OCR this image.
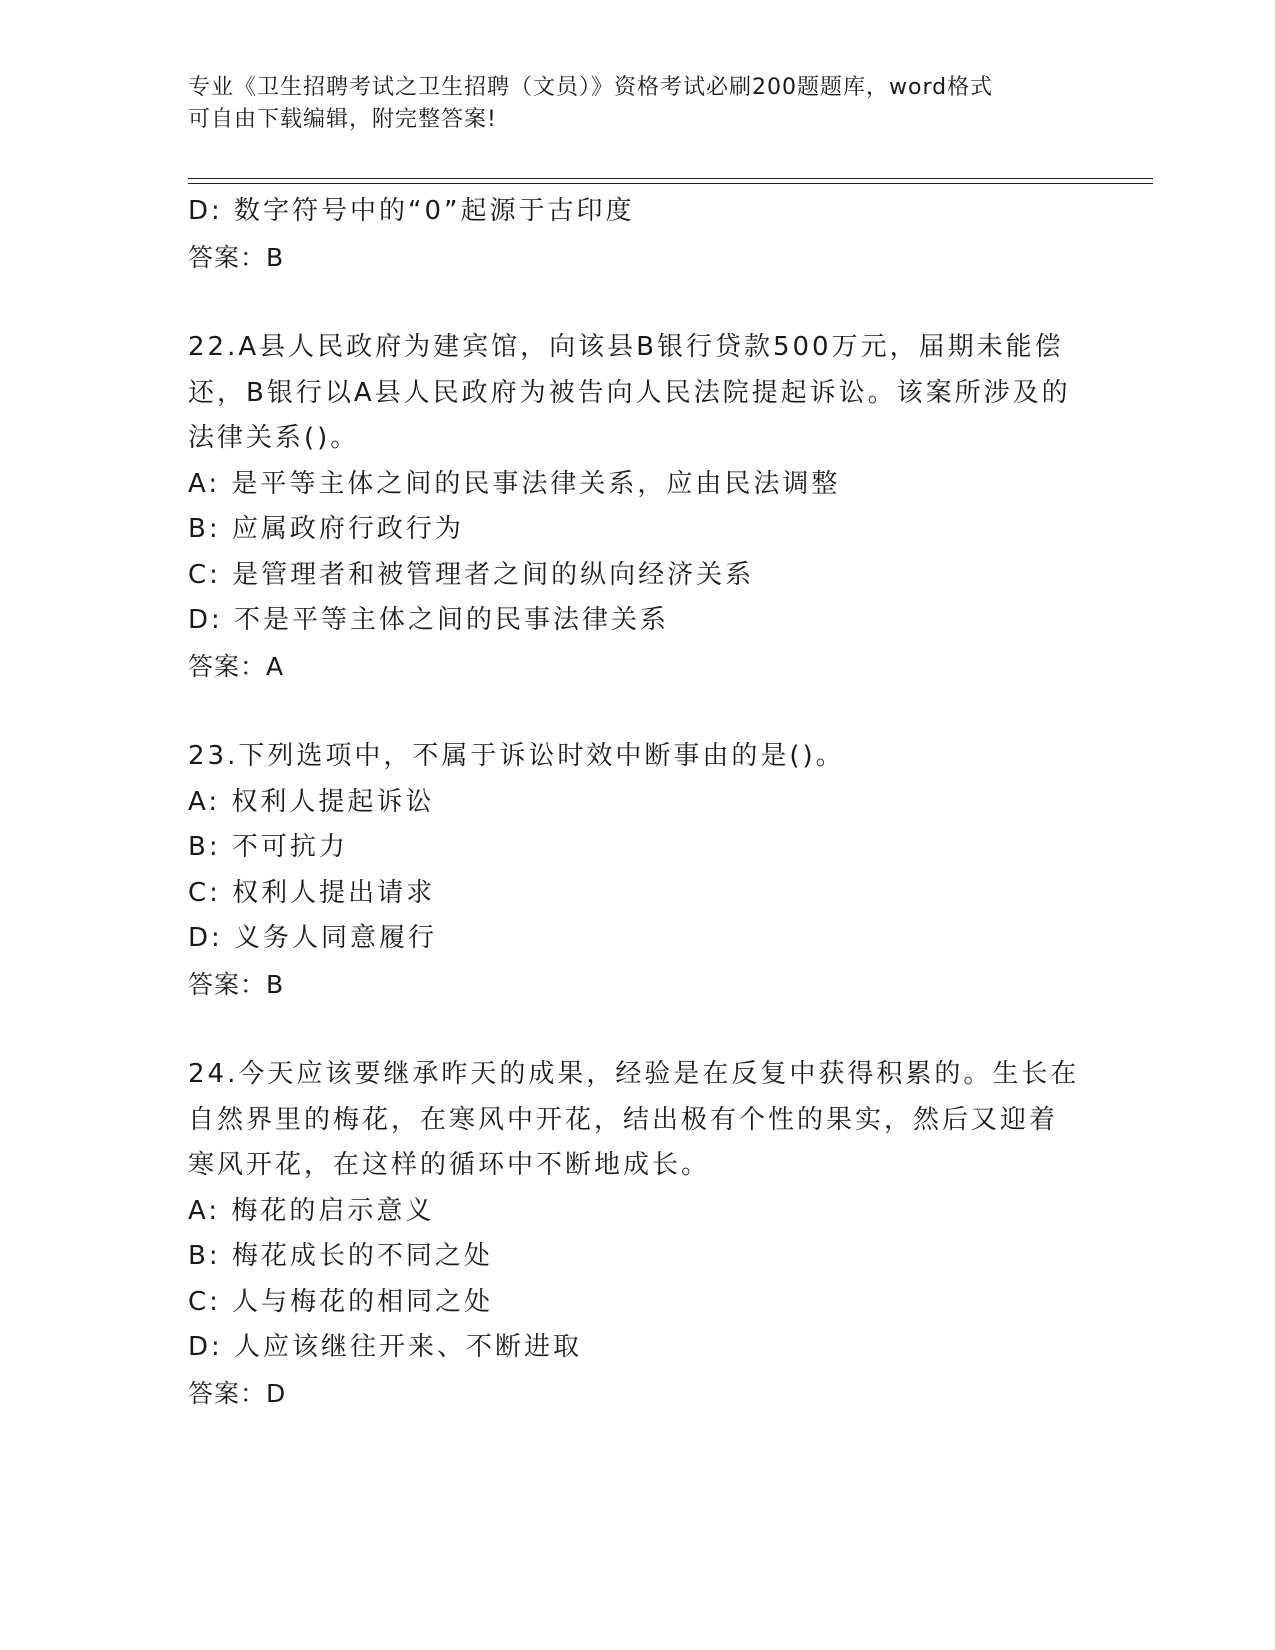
专业《卫生招聘考试之卫生招聘（文员）》资格考试必刷200题题库，word格式
可自由下载编辑，附完整答案!
D: 数字符号中的“0”起源于古印度
答案：B
22.A县人民政府为建宾馆，向该县B银行贷款500万元，届期未能偿
还，B银行以A县人民政府为被告向人民法院提起诉讼。该案所涉及的
法律关系()。
A: 是平等主体之间的民事法律关系，应由民法调整
B: 应属政府行政行为
C: 是管理者和被管理者之间的纵向经济关系
D: 不是平等主体之间的民事法律关系
答案：A
23.下列选项中，不属于诉讼时效中断事由的是()。
A: 权利人提起诉讼
B: 不可抗力
C: 权利人提出请求
D: 义务人同意履行
答案：B
24.今天应该要继承昨天的成果，经验是在反复中获得积累的。生长在
自然界里的梅花，在寒风中开花，结出极有个性的果实，然后又迎着
寒风开花，在这样的循环中不断地成长。
A: 梅花的启示意义
B: 梅花成长的不同之处
C: 人与梅花的相同之处
D: 人应该继往开来、不断进取
答案：D
